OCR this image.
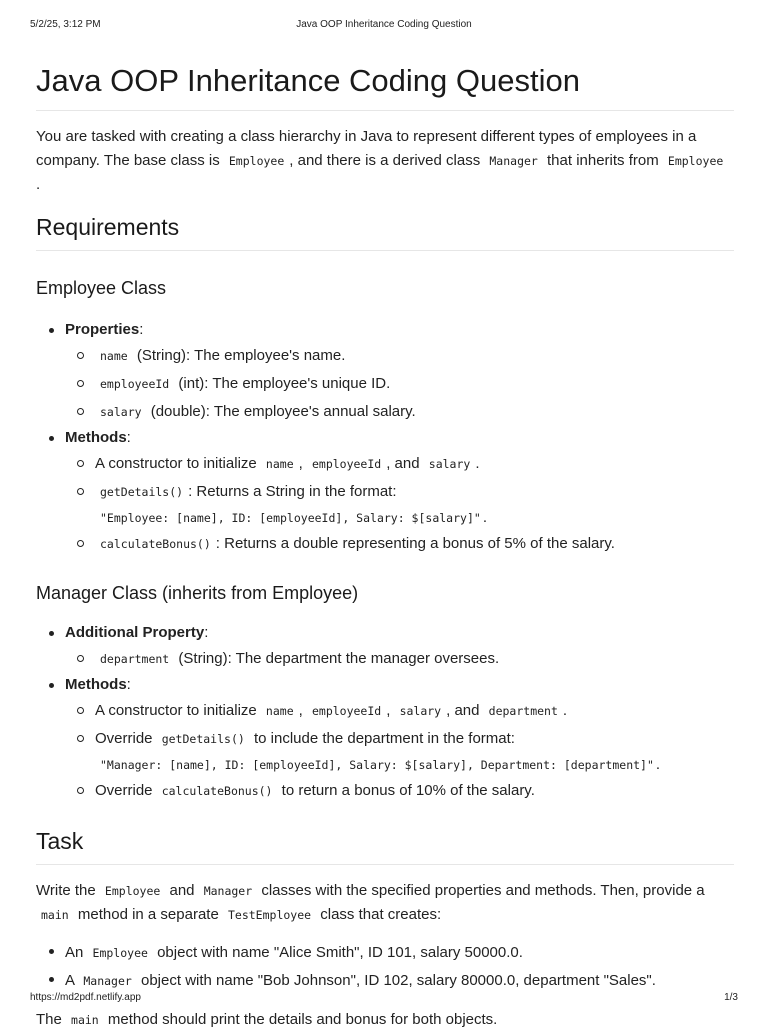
5/2/25, 3:12 PM	Java OOP Inheritance Coding Question
Java OOP Inheritance Coding Question

You are tasked with creating a class hierarchy in Java to represent different types of employees in a company. The base class is Employee , and there is a derived class Manager that inherits from Employee .

Requirements
Employee Class
Properties:
name (String): The employee's name.
employeeId (int): The employee's unique ID.
salary (double): The employee's annual salary.
Methods:
A constructor to initialize name , employeeId , and salary .
getDetails() : Returns a String in the format:
"Employee: [name], ID: [employeeId], Salary: $[salary]" .
calculateBonus() : Returns a double representing a bonus of 5% of the salary.
Manager Class (inherits from Employee)
Additional Property:
department (String): The department the manager oversees.
Methods:
A constructor to initialize name , employeeId , salary , and department .
Override getDetails() to include the department in the format:
"Manager: [name], ID: [employeeId], Salary: $[salary], Department: [department]" .
Override calculateBonus() to return a bonus of 10% of the salary.
Task

Write the Employee and Manager classes with the specified properties and methods. Then, provide a main method in a separate TestEmployee class that creates:

An Employee object with name "Alice Smith", ID 101, salary 50000.0.
A Manager object with name "Bob Johnson", ID 102, salary 80000.0, department "Sales".

The main method should print the details and bonus for both objects.

https://md2pdf.netlify.app	1/3
